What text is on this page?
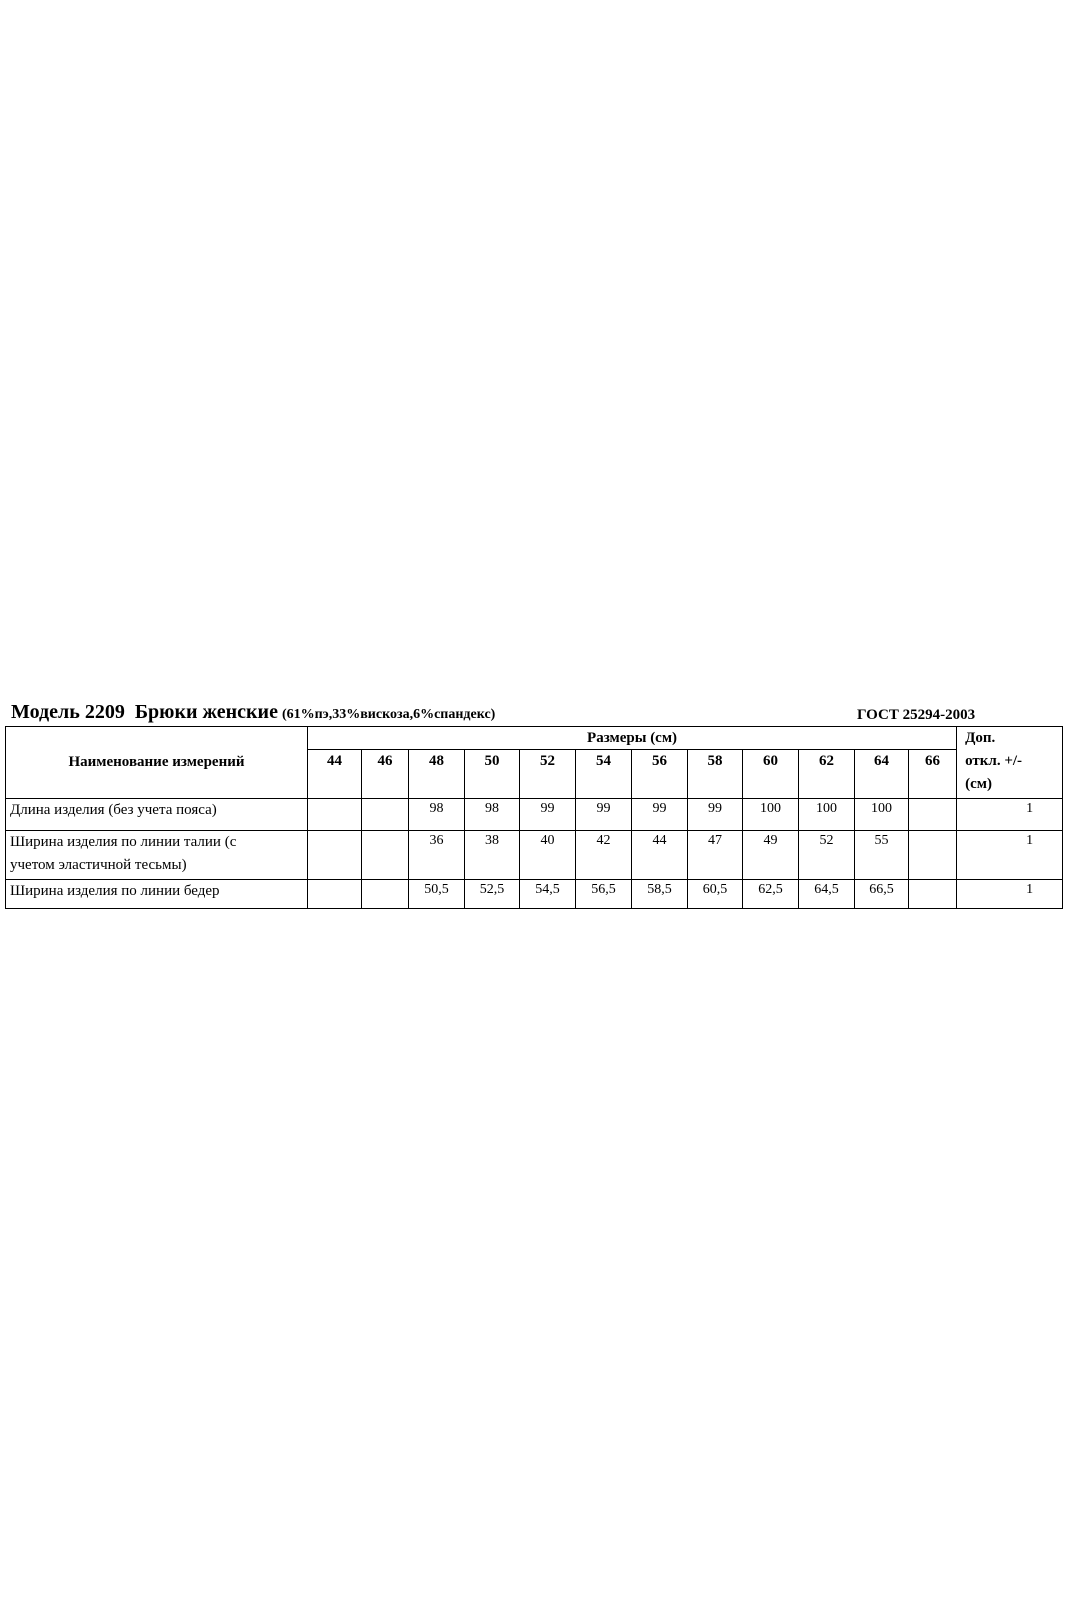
Модель 2209 Брюки женские (61%пэ,33%вискоза,6%спандекс)	ГОСТ 25294-2003
Наименование измерений	Размеры (см)												Доп.
откл. +/-
(см)

	44	46	48	50	52	54	56	58	60	62	64	66	
Длина изделия (без учета пояса)			98	98	99	99	99	99	100	100	100		1

Ширина изделия по линии талии (с
учетом эластичной тесьмы)			36	38	40	42	44	47	49	52	55		1
Ширина изделия по линии бедер			50,5	52,5	54,5	56,5	58,5	60,5	62,5	64,5	66,5		1
